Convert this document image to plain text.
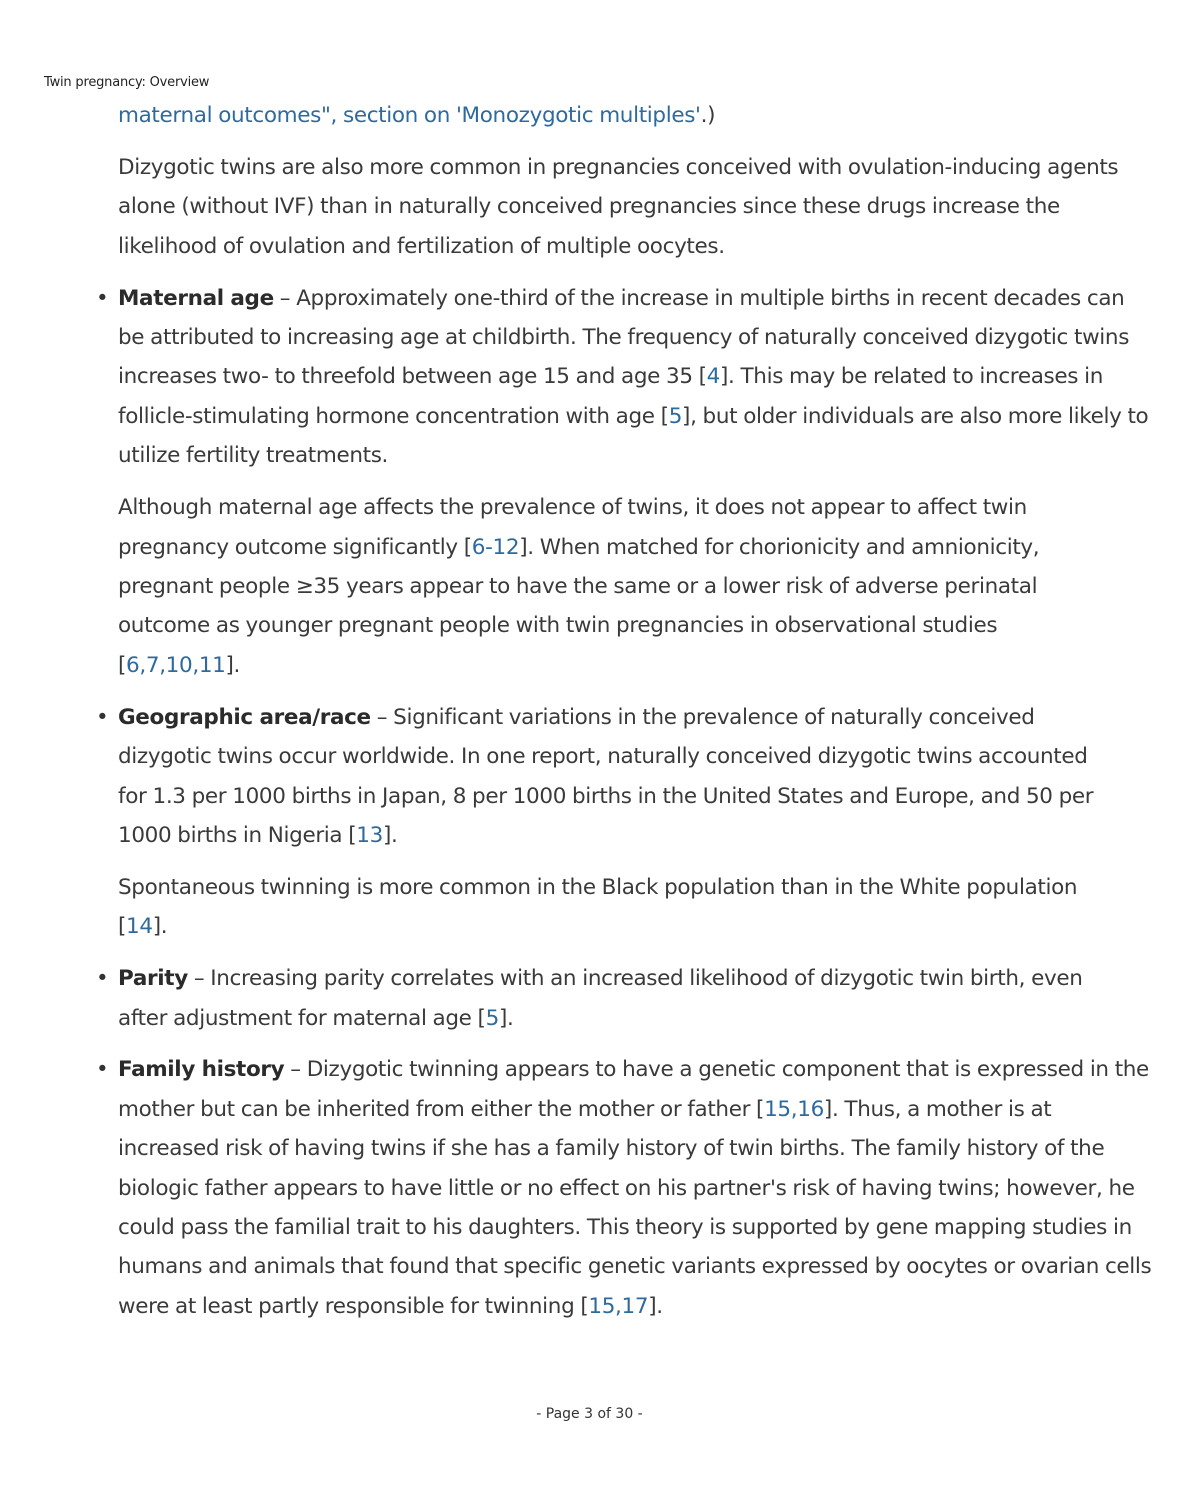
Twin pregnancy: Overview

maternal outcomes", section on 'Monozygotic multiples'.)

Dizygotic twins are also more common in pregnancies conceived with ovulation-inducing agents alone (without IVF) than in naturally conceived pregnancies since these drugs increase the likelihood of ovulation and fertilization of multiple oocytes.

• Maternal age – Approximately one-third of the increase in multiple births in recent decades can be attributed to increasing age at childbirth. The frequency of naturally conceived dizygotic twins increases two- to threefold between age 15 and age 35 [4]. This may be related to increases in follicle-stimulating hormone concentration with age [5], but older individuals are also more likely to utilize fertility treatments.

Although maternal age affects the prevalence of twins, it does not appear to affect twin pregnancy outcome significantly [6-12]. When matched for chorionicity and amnionicity, pregnant people ≥35 years appear to have the same or a lower risk of adverse perinatal outcome as younger pregnant people with twin pregnancies in observational studies [6,7,10,11].

• Geographic area/race – Significant variations in the prevalence of naturally conceived dizygotic twins occur worldwide. In one report, naturally conceived dizygotic twins accounted for 1.3 per 1000 births in Japan, 8 per 1000 births in the United States and Europe, and 50 per 1000 births in Nigeria [13].

Spontaneous twinning is more common in the Black population than in the White population [14].

• Parity – Increasing parity correlates with an increased likelihood of dizygotic twin birth, even after adjustment for maternal age [5].

• Family history – Dizygotic twinning appears to have a genetic component that is expressed in the mother but can be inherited from either the mother or father [15,16]. Thus, a mother is at increased risk of having twins if she has a family history of twin births. The family history of the biologic father appears to have little or no effect on his partner's risk of having twins; however, he could pass the familial trait to his daughters. This theory is supported by gene mapping studies in humans and animals that found that specific genetic variants expressed by oocytes or ovarian cells were at least partly responsible for twinning [15,17].

- Page 3 of 30 -
